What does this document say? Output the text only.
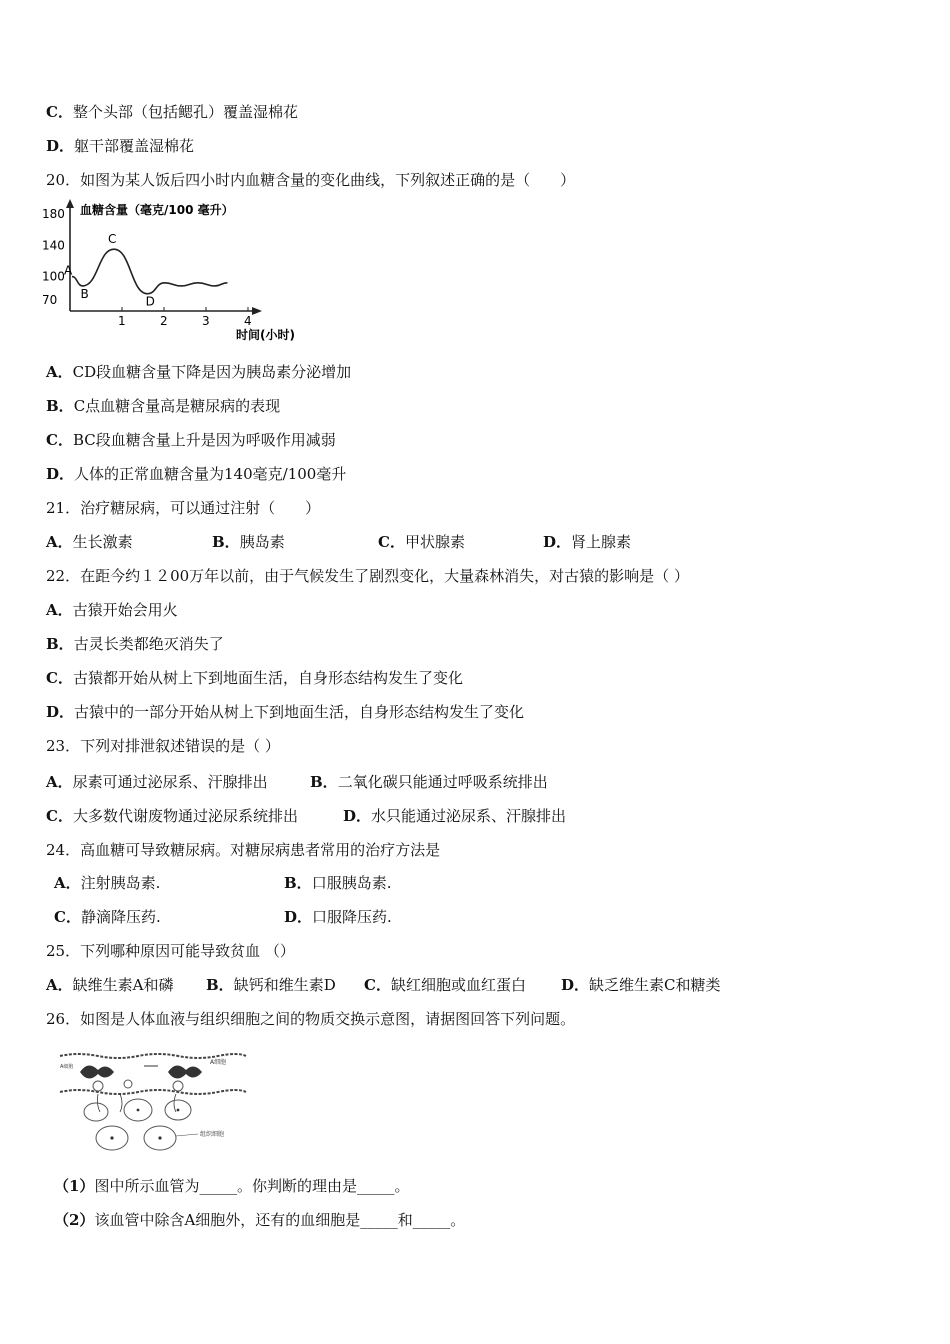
C．整个头部（包括鳃孔）覆盖湿棉花
D．躯干部覆盖湿棉花
20．如图为某人饭后四小时内血糖含量的变化曲线，下列叙述正确的是（　　）
血糖含量（毫克/100 毫升）
时间(小时)
180
140
100
70
1	2	3	4
A
B
C
D
A．CD段血糖含量下降是因为胰岛素分泌增加
B．C点血糖含量高是糖尿病的表现
C．BC段血糖含量上升是因为呼吸作用减弱
D．人体的正常血糖含量为140毫克/100毫升
21．治疗糖尿病，可以通过注射（　　）
A．生长激素	B．胰岛素	C．甲状腺素	D．肾上腺素
22．在距今约１２00万年以前，由于气候发生了剧烈变化，大量森林消失，对古猿的影响是（ ）
A．古猿开始会用火
B．古灵长类都绝灭消失了
C．古猿都开始从树上下到地面生活，自身形态结构发生了变化
D．古猿中的一部分开始从树上下到地面生活，自身形态结构发生了变化
23．下列对排泄叙述错误的是（ ）
A．尿素可通过泌尿系、汗腺排出	B．二氧化碳只能通过呼吸系统排出
C．大多数代谢废物通过泌尿系统排出	D．水只能通过泌尿系、汗腺排出
24．高血糖可导致糖尿病。对糖尿病患者常用的治疗方法是
A．注射胰岛素.	B．口服胰岛素.
C．静滴降压药.	D．口服降压药.
25．下列哪种原因可能导致贫血 （）
A．缺维生素A和磷 B．缺钙和维生素D C．缺红细胞或血红蛋白 D．缺乏维生素C和糖类
26．如图是人体血液与组织细胞之间的物质交换示意图，请据图回答下列问题。
A细胞
A细胞
组织细胞
（1）图中所示血管为_____。你判断的理由是_____。
（2）该血管中除含A细胞外，还有的血细胞是_____和_____。
